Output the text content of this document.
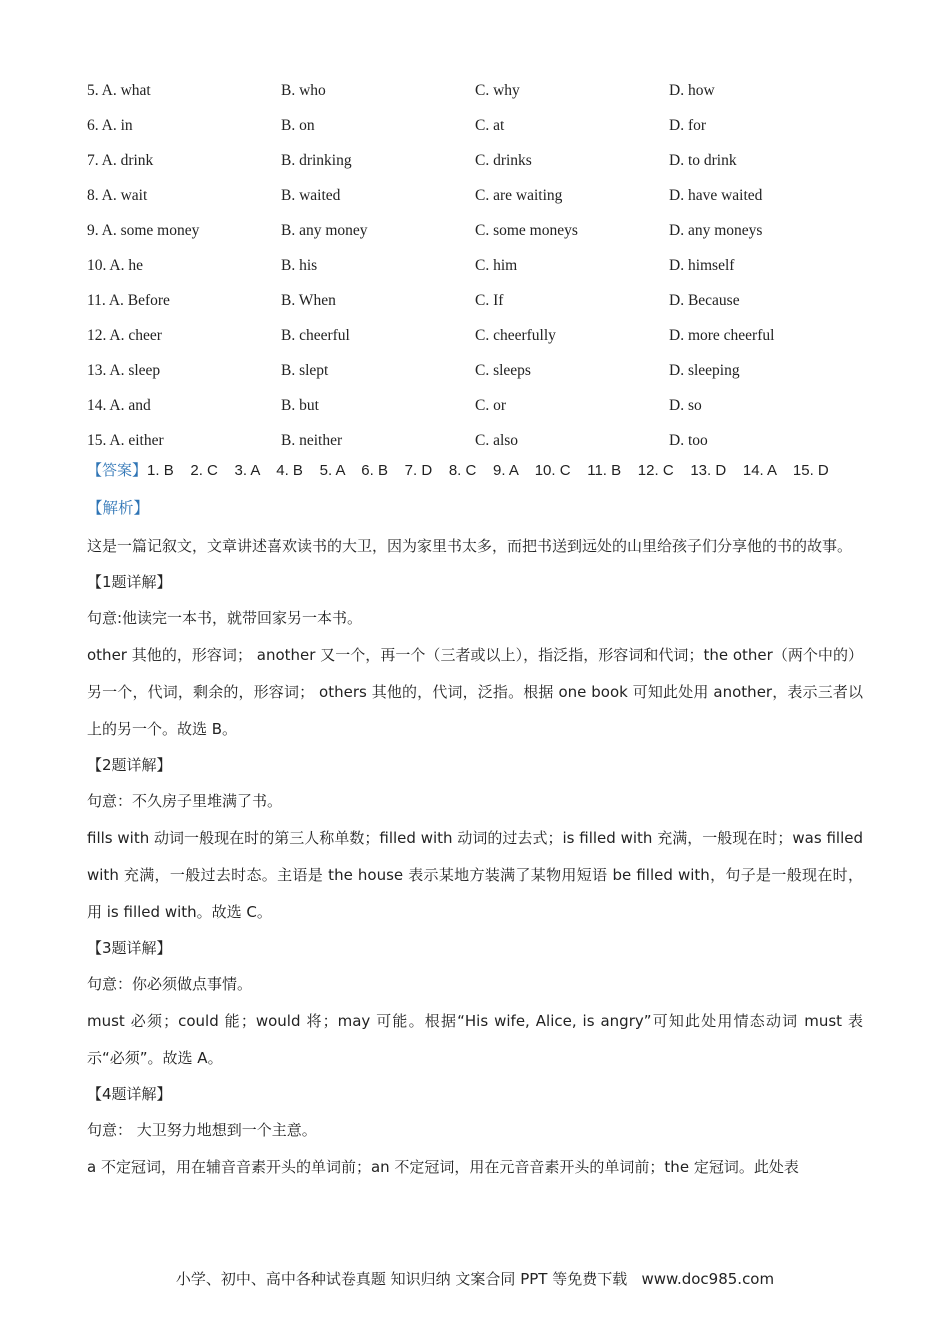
5. A. what	B. who	C. why	D. how
6. A. in	B. on	C. at	D. for
7. A. drink	B. drinking	C. drinks	D. to drink
8. A. wait	B. waited	C. are waiting	D. have waited
9. A. some money	B. any money	C. some moneys	D. any moneys
10. A. he	B. his	C. him	D. himself
11. A. Before	B. When	C. If	D. Because
12. A. cheer	B. cheerful	C. cheerfully	D. more cheerful
13. A. sleep	B. slept	C. sleeps	D. sleeping
14. A. and	B. but	C. or	D. so
15. A. either	B. neither	C. also	D. too
【答案】1. B    2. C    3. A    4. B    5. A    6. B    7. D    8. C    9. A    10. C    11. B    12. C    13. D    14. A    15. D
【解析】

这是一篇记叙文，文章讲述喜欢读书的大卫，因为家里书太多，而把书送到远处的山里给孩子们分享他的书的故事。

【1题详解】

句意:他读完一本书，就带回家另一本书。

other 其他的，形容词； another 又一个，再一个（三者或以上），指泛指，形容词和代词；the other（两个中的）另一个，代词，剩余的，形容词； others 其他的，代词，泛指。根据 one book 可知此处用 another，表示三者以上的另一个。故选 B。

【2题详解】

句意：不久房子里堆满了书。

fills with 动词一般现在时的第三人称单数；filled with 动词的过去式；is filled with 充满，一般现在时；was filled with 充满，一般过去时态。主语是 the house 表示某地方装满了某物用短语 be filled with，句子是一般现在时，用 is filled with。故选 C。

【3题详解】

句意：你必须做点事情。

must 必须；could 能；would 将；may 可能。根据“His wife, Alice, is angry”可知此处用情态动词 must 表示“必须”。故选 A。

【4题详解】

句意： 大卫努力地想到一个主意。

a 不定冠词，用在辅音音素开头的单词前；an 不定冠词，用在元音音素开头的单词前；the 定冠词。此处表

小学、初中、高中各种试卷真题 知识归纳 文案合同 PPT 等免费下载   www.doc985.com
